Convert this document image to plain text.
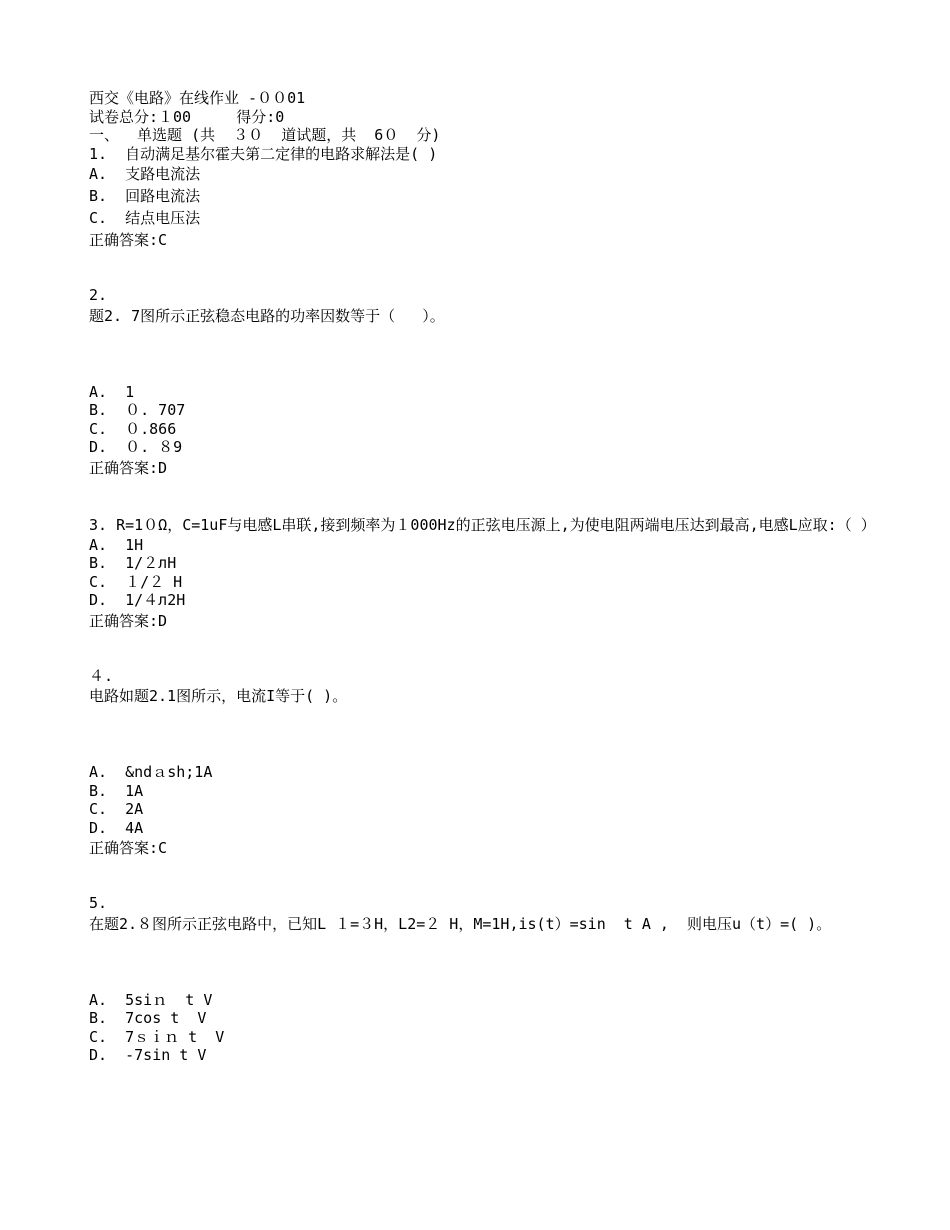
西交《电路》在线作业 -００01
试卷总分:１00     得分:0
一、  单选题 (共  ３０  道试题，共  6０  分)
1.  自动满足基尔霍夫第二定律的电路求解法是( )
A.  支路电流法
B.  回路电流法
C.  结点电压法
正确答案:C
2.
题2. 7图所示正弦稳态电路的功率因数等于（   ）。
A.  1
B.  ０. 707
C.  ０.866
D.  ０. ８9
正确答案:D
3. R=1０Ω，C=1uF与电感L串联,接到频率为１000Hz的正弦电压源上,为使电阻两端电压达到最高,电感L应取:（ ）
A.  1H
B.  1/２лH
C.  １/２ H
D.  1/４л2H
正确答案:D
４.
电路如题2.1图所示，电流I等于( )。
A.  &ndａsh;1A
B.  1A
C.  2A
D.  4A
正确答案:C
5.
在题2.８图所示正弦电路中，已知L １=３H，L2=２ H，M=1H,is(t）=sin  t A ,  则电压u（t）=( )。
A.  5siｎ  t V
B.  7cos t  V
C.  7ｓｉｎ t  V
D.  -7sin t V
